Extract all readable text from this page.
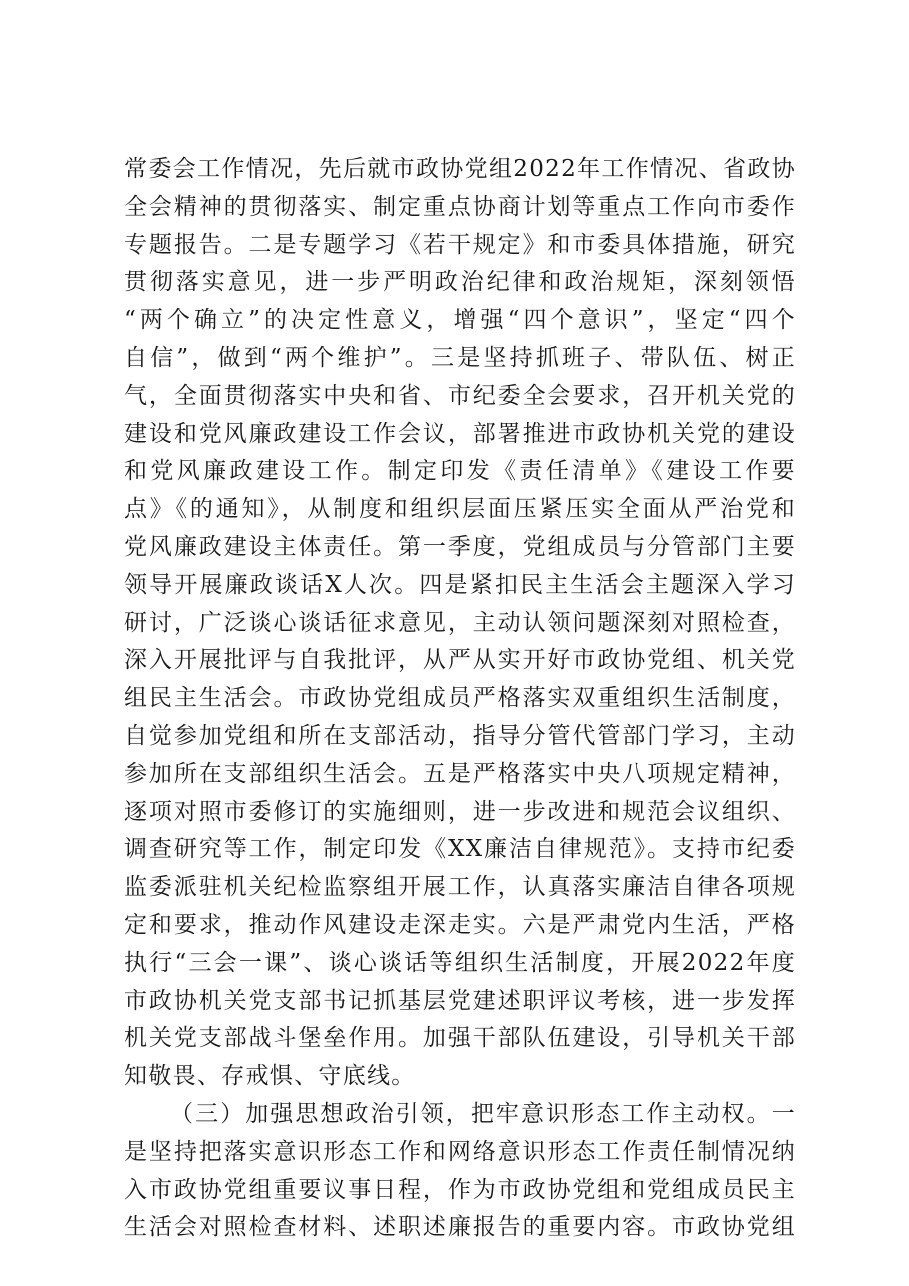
常委会工作情况，先后就市政协党组2022年工作情况、省政协
全会精神的贯彻落实、制定重点协商计划等重点工作向市委作
专题报告。二是专题学习《若干规定》和市委具体措施，研究
贯彻落实意见，进一步严明政治纪律和政治规矩，深刻领悟
“两个确立”的决定性意义，增强“四个意识”，坚定“四个
自信”，做到“两个维护”。三是坚持抓班子、带队伍、树正
气，全面贯彻落实中央和省、市纪委全会要求，召开机关党的
建设和党风廉政建设工作会议，部署推进市政协机关党的建设
和党风廉政建设工作。制定印发《责任清单》《建设工作要
点》《的通知》，从制度和组织层面压紧压实全面从严治党和
党风廉政建设主体责任。第一季度，党组成员与分管部门主要
领导开展廉政谈话X人次。四是紧扣民主生活会主题深入学习
研讨，广泛谈心谈话征求意见，主动认领问题深刻对照检查，
深入开展批评与自我批评，从严从实开好市政协党组、机关党
组民主生活会。市政协党组成员严格落实双重组织生活制度，
自觉参加党组和所在支部活动，指导分管代管部门学习，主动
参加所在支部组织生活会。五是严格落实中央八项规定精神，
逐项对照市委修订的实施细则，进一步改进和规范会议组织、
调查研究等工作，制定印发《XX廉洁自律规范》。支持市纪委
监委派驻机关纪检监察组开展工作，认真落实廉洁自律各项规
定和要求，推动作风建设走深走实。六是严肃党内生活，严格
执行“三会一课”、谈心谈话等组织生活制度，开展2022年度
市政协机关党支部书记抓基层党建述职评议考核，进一步发挥
机关党支部战斗堡垒作用。加强干部队伍建设，引导机关干部
知敬畏、存戒惧、守底线。
（三）加强思想政治引领，把牢意识形态工作主动权。一
是坚持把落实意识形态工作和网络意识形态工作责任制情况纳
入市政协党组重要议事日程，作为市政协党组和党组成员民主
生活会对照检查材料、述职述廉报告的重要内容。市政协党组
